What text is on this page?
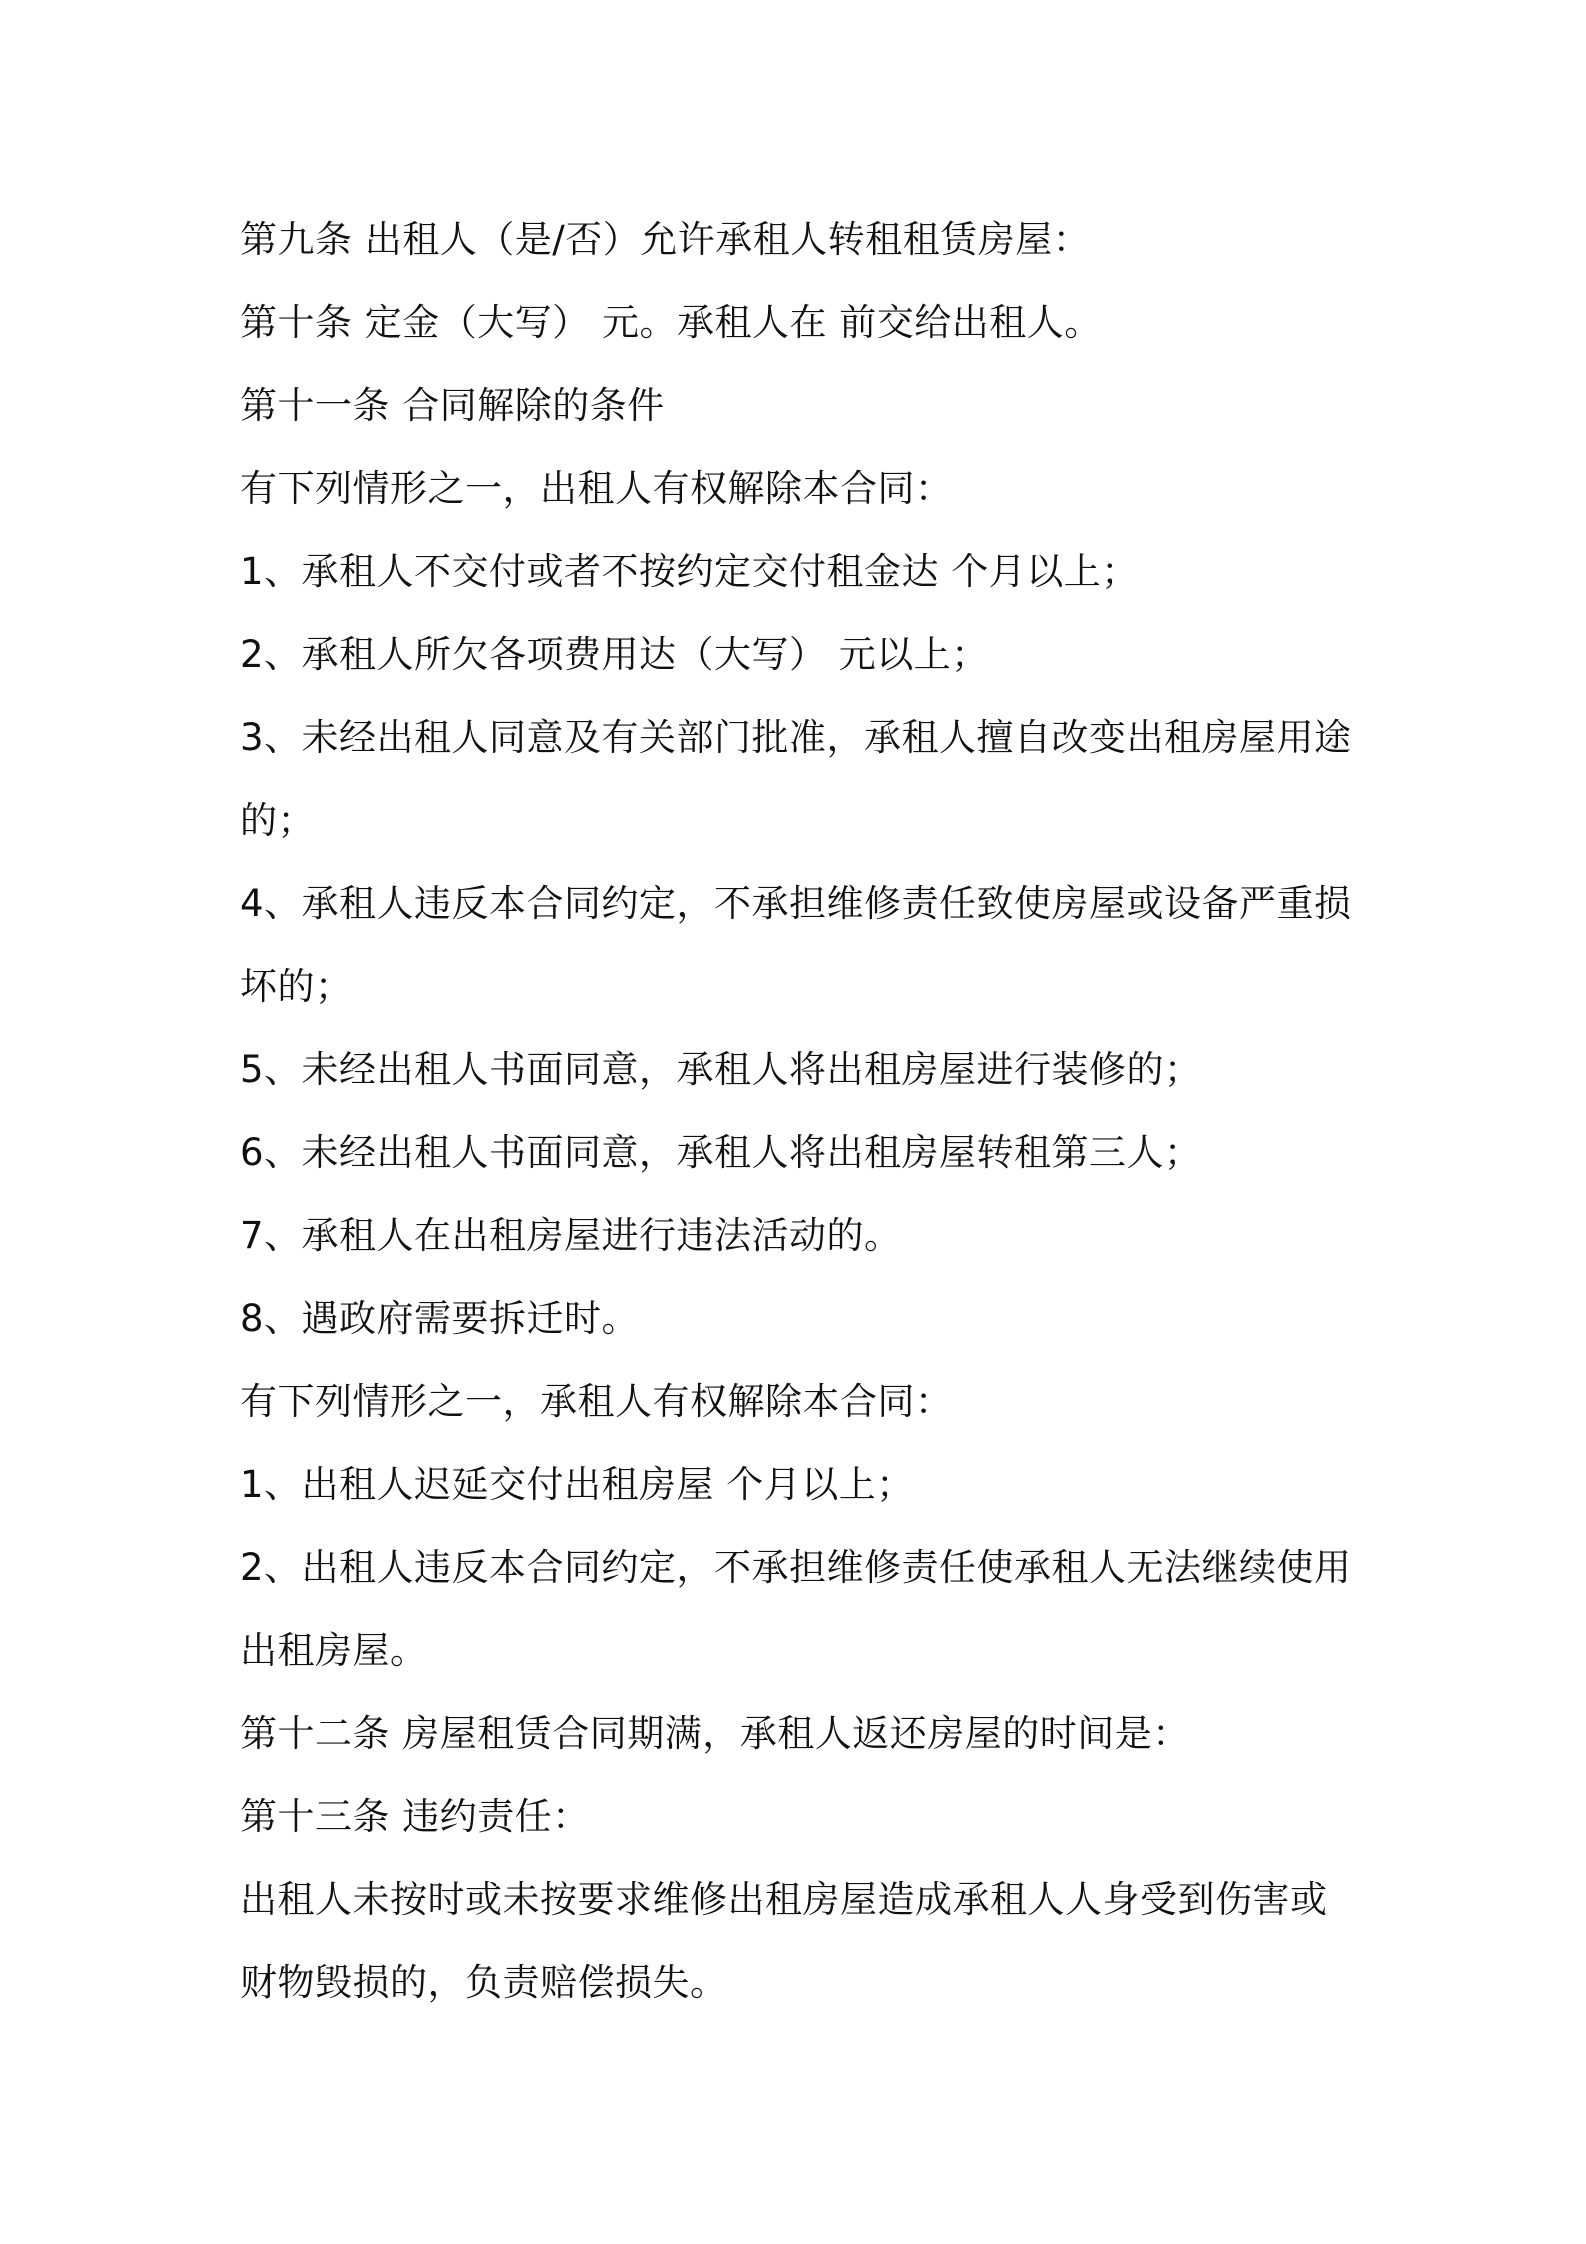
第九条 出租人（是/否）允许承租人转租租赁房屋：
第十条 定金（大写） 元。承租人在 前交给出租人。
第十一条 合同解除的条件
有下列情形之一，出租人有权解除本合同：
1、承租人不交付或者不按约定交付租金达 个月以上；
2、承租人所欠各项费用达（大写） 元以上；
3、未经出租人同意及有关部门批准，承租人擅自改变出租房屋用途
的；
4、承租人违反本合同约定，不承担维修责任致使房屋或设备严重损
坏的；
5、未经出租人书面同意，承租人将出租房屋进行装修的；
6、未经出租人书面同意，承租人将出租房屋转租第三人；
7、承租人在出租房屋进行违法活动的。
8、遇政府需要拆迁时。
有下列情形之一，承租人有权解除本合同：
1、出租人迟延交付出租房屋 个月以上；
2、出租人违反本合同约定，不承担维修责任使承租人无法继续使用
出租房屋。
第十二条 房屋租赁合同期满，承租人返还房屋的时间是：
第十三条 违约责任：
出租人未按时或未按要求维修出租房屋造成承租人人身受到伤害或
财物毁损的，负责赔偿损失。
